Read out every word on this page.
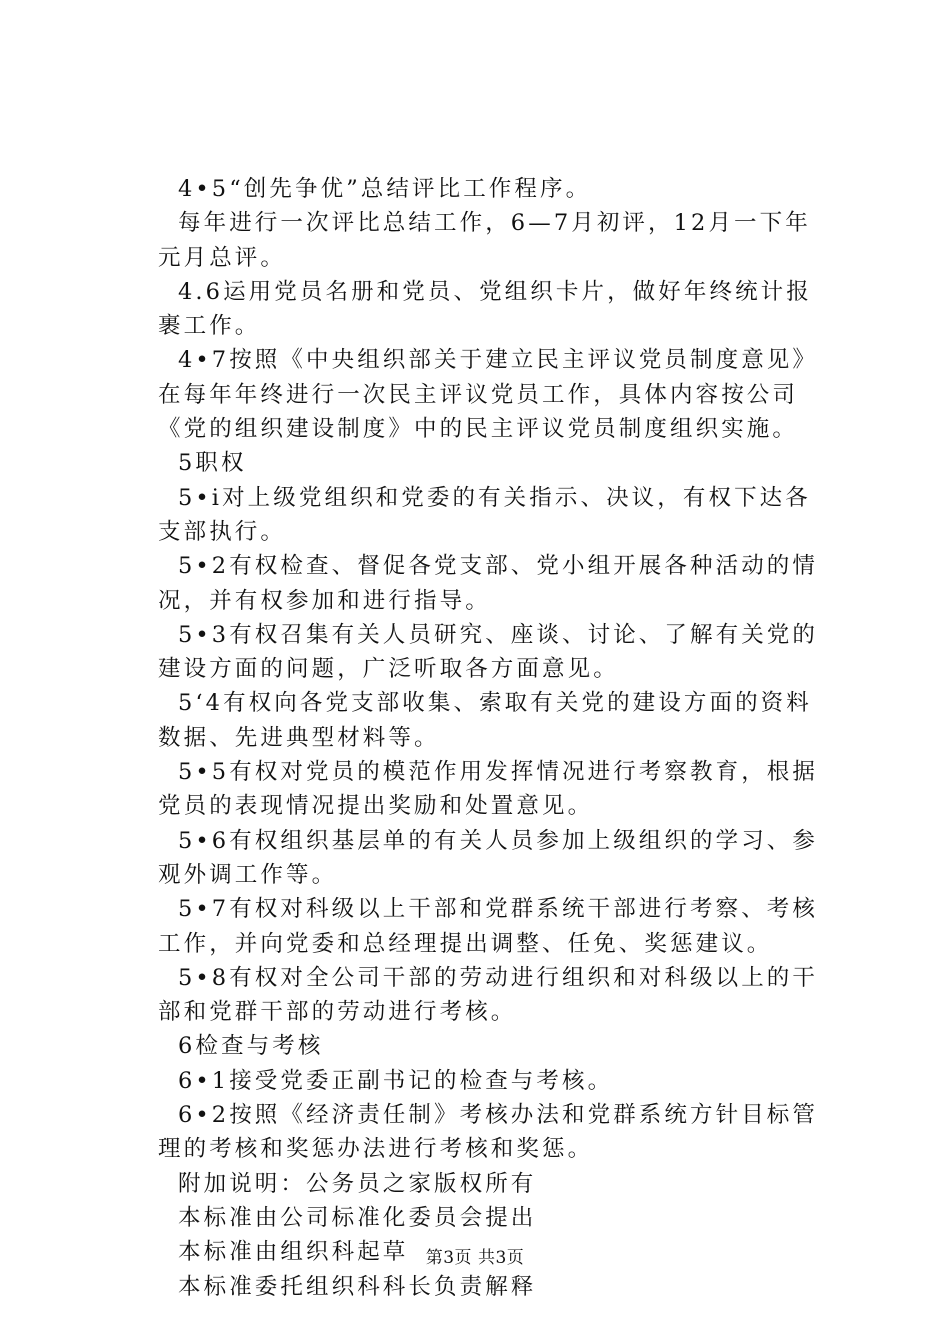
4•5“创先争优”总结评比工作程序。

每年进行一次评比总结工作，6—7月初评，12月一下年元月总评。

4.6运用党员名册和党员、党组织卡片，做好年终统计报裹工作。

4•7按照《中央组织部关于建立民主评议党员制度意见》在每年年终进行一次民主评议党员工作，具体内容按公司《党的组织建设制度》中的民主评议党员制度组织实施。

5职权

5•i对上级党组织和党委的有关指示、决议，有权下达各支部执行。

5•2有权检查、督促各党支部、党小组开展各种活动的情况，并有权参加和进行指导。

5•3有权召集有关人员研究、座谈、讨论、了解有关党的建设方面的问题，广泛听取各方面意见。

5‘4有权向各党支部收集、索取有关党的建设方面的资料数据、先进典型材料等。

5•5有权对党员的模范作用发挥情况进行考察教育，根据党员的表现情况提出奖励和处置意见。

5•6有权组织基层单的有关人员参加上级组织的学习、参观外调工作等。

5•7有权对科级以上干部和党群系统干部进行考察、考核工作，并向党委和总经理提出调整、任免、奖惩建议。

5•8有权对全公司干部的劳动进行组织和对科级以上的干部和党群干部的劳动进行考核。

6检查与考核

6•1接受党委正副书记的检查与考核。

6•2按照《经济责任制》考核办法和党群系统方针目标管理的考核和奖惩办法进行考核和奖惩。

附加说明：公务员之家版权所有

本标准由公司标准化委员会提出

本标准由组织科起草

本标准委托组织科科长负责解释

第3页 共3页
